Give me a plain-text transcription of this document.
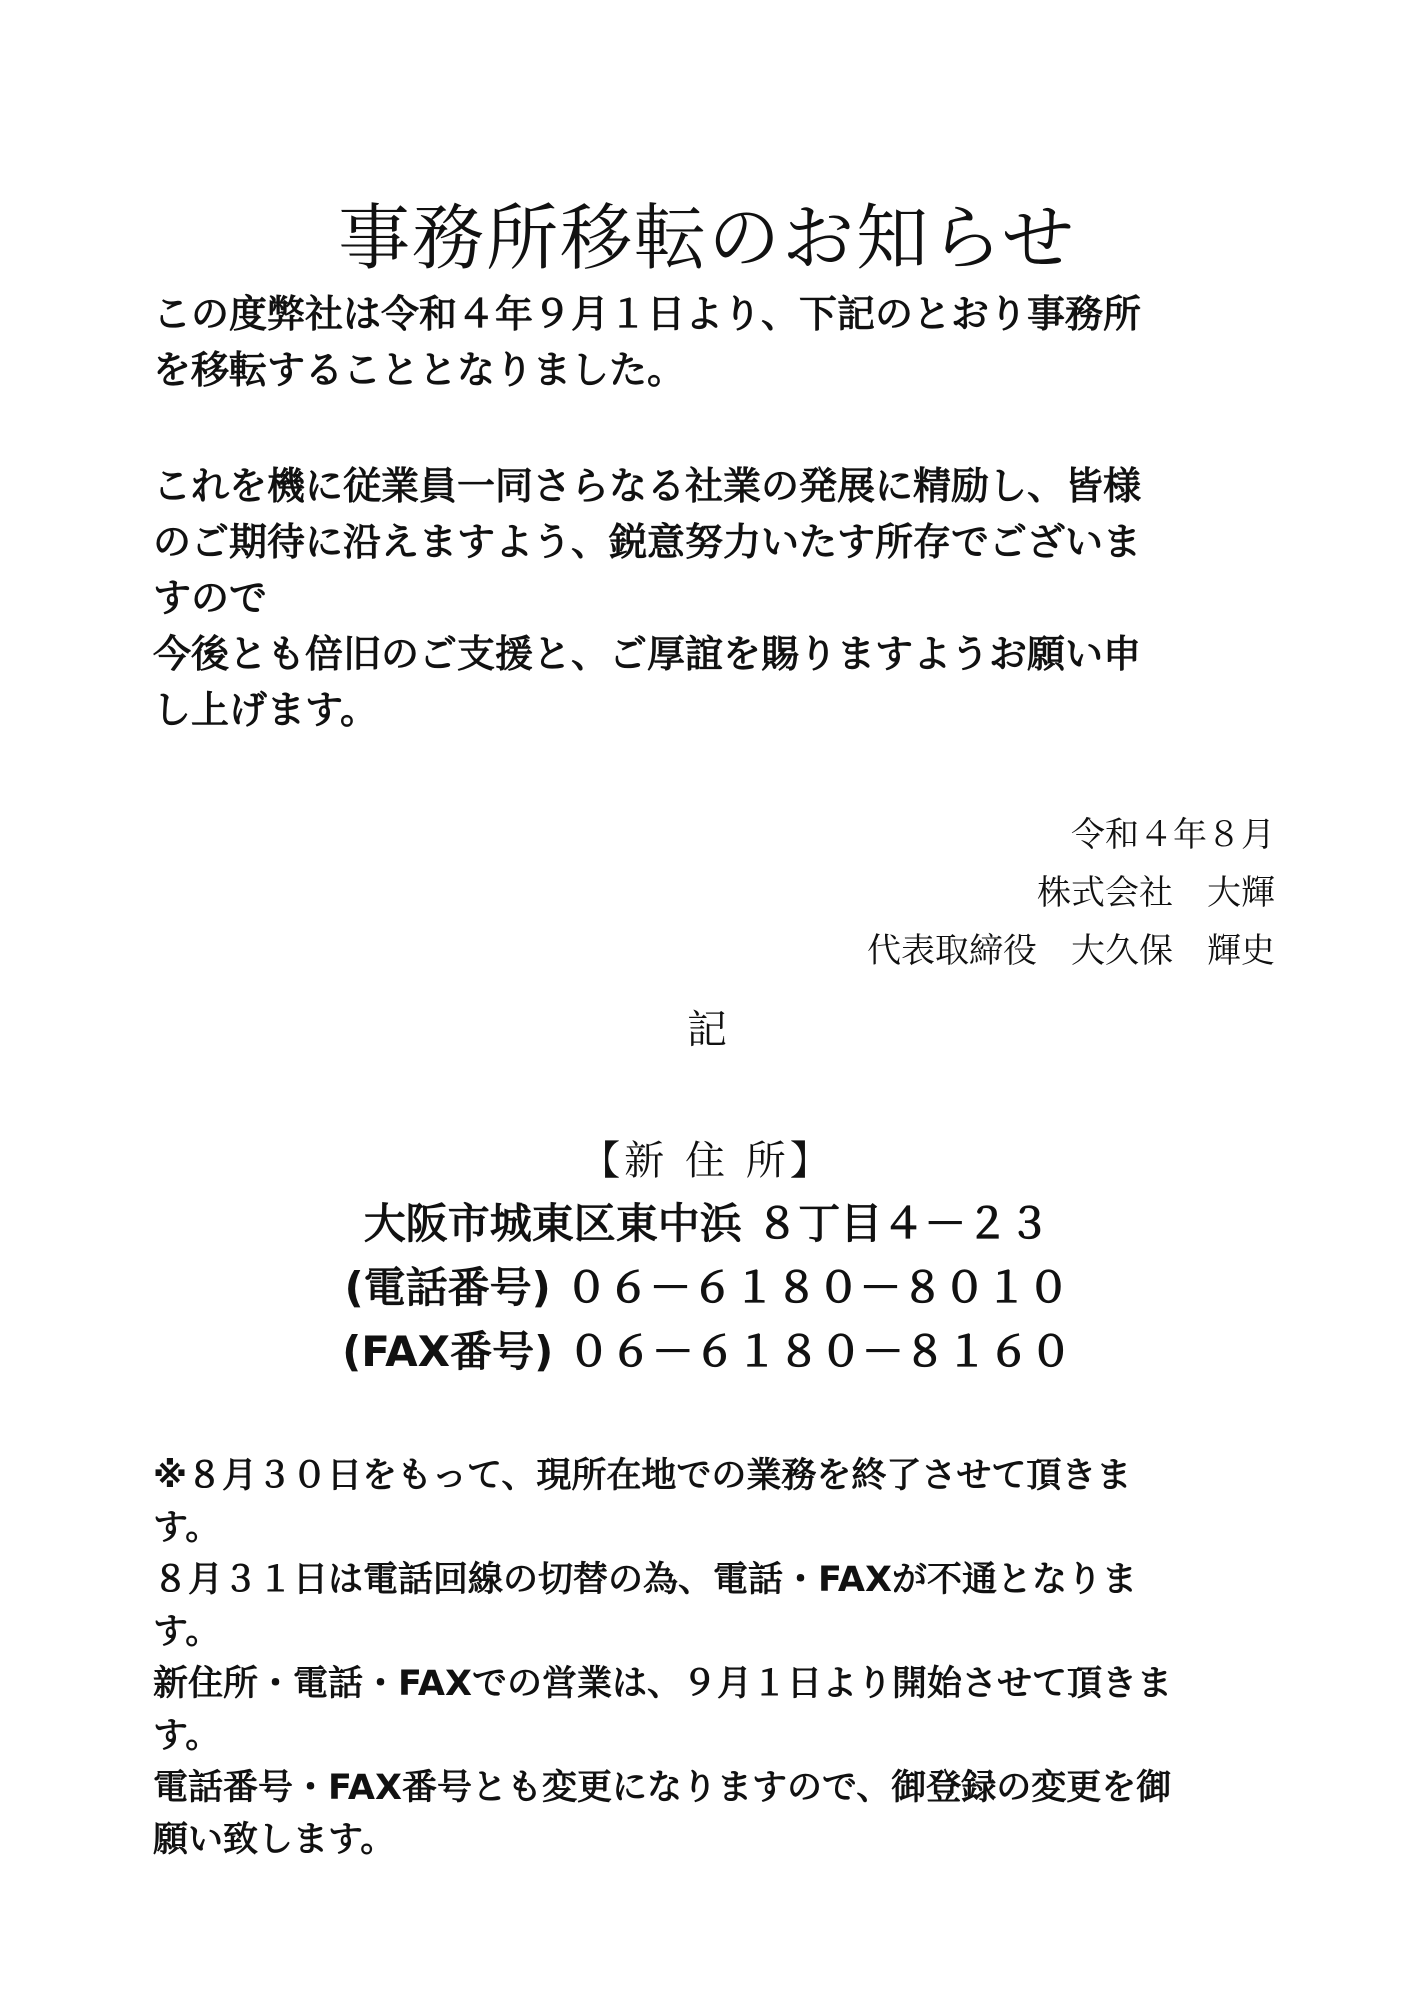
事務所移転のお知らせ
この度弊社は令和４年９月１日より、下記のとおり事務所
を移転することとなりました。
これを機に従業員一同さらなる社業の発展に精励し、皆様
のご期待に沿えますよう、鋭意努力いたす所存でございま
すので
今後とも倍旧のご支援と、ご厚誼を賜りますようお願い申
し上げます。
令和４年８月
株式会社　大輝
代表取締役　大久保　輝史
記
【新 住 所】
大阪市城東区東中浜 ８丁目４－２３
(電話番号) ０６－６１８０－８０１０
(FAX番号) ０６－６１８０－８１６０
※８月３０日をもって、現所在地での業務を終了させて頂きま
す。
８月３１日は電話回線の切替の為、電話・FAXが不通となりま
す。
新住所・電話・FAXでの営業は、９月１日より開始させて頂きま
す。
電話番号・FAX番号とも変更になりますので、御登録の変更を御
願い致します。
